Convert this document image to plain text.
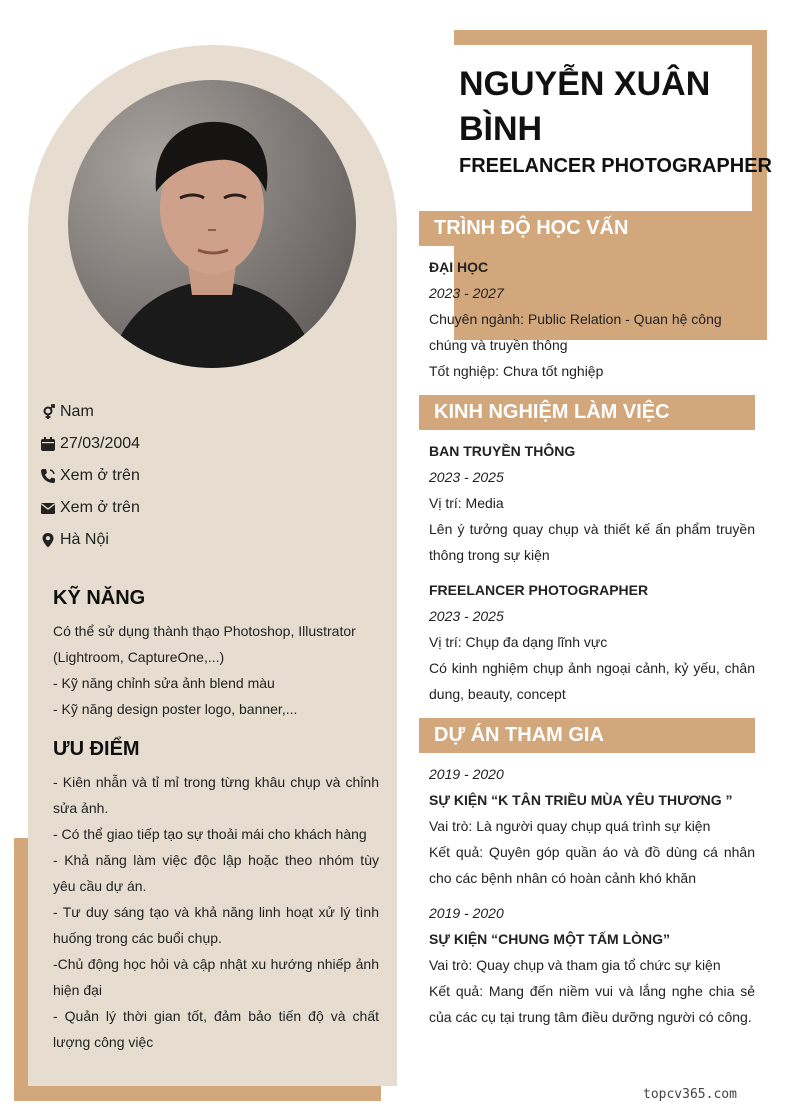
Nam
27/03/2004
Xem ở trên
Xem ở trên
Hà Nội
KỸ NĂNG
Có thể sử dụng thành thạo Photoshop, Illustrator (Lightroom, CaptureOne,...)
- Kỹ năng chỉnh sửa ảnh blend màu
- Kỹ năng design poster logo, banner,...
ƯU ĐIỂM
- Kiên nhẫn và tỉ mỉ trong từng khâu chụp và chỉnh sửa ảnh.
- Có thể giao tiếp tạo sự thoải mái cho khách hàng
- Khả năng làm việc độc lập hoặc theo nhóm tùy yêu cầu dự án.
- Tư duy sáng tạo và khả năng linh hoạt xử lý tình huống trong các buổi chụp.
-Chủ động học hỏi và cập nhật xu hướng nhiếp ảnh hiện đại
- Quản lý thời gian tốt, đảm bảo tiến độ và chất lượng công việc
NGUYỄN XUÂN
BÌNH
FREELANCER PHOTOGRAPHER
TRÌNH ĐỘ HỌC VẤN
ĐẠI HỌC
2023 - 2027
Chuyên ngành: Public Relation - Quan hệ công chúng và truyền thông
Tốt nghiệp: Chưa tốt nghiệp
KINH NGHIỆM LÀM VIỆC
BAN TRUYỀN THÔNG
2023 - 2025
Vị trí: Media
Lên ý tưởng quay chụp và thiết kế ấn phẩm truyền thông trong sự kiện
FREELANCER PHOTOGRAPHER
2023 - 2025
Vị trí: Chụp đa dạng lĩnh vực
Có kinh nghiệm chụp ảnh ngoại cảnh, kỷ yếu, chân dung, beauty, concept
DỰ ÁN THAM GIA
2019 - 2020
SỰ KIỆN “K TÂN TRIỀU MÙA YÊU THƯƠNG ”
Vai trò: Là người quay chụp quá trình sự kiện
Kết quả: Quyên góp quần áo và đồ dùng cá nhân cho các bệnh nhân có hoàn cảnh khó khăn
2019 - 2020
SỰ KIỆN “CHUNG MỘT TẤM LÒNG”
Vai trò: Quay chụp và tham gia tổ chức sự kiện
Kết quả: Mang đến niềm vui và lắng nghe chia sẻ của các cụ tại trung tâm điều dưỡng người có công.
topcv365.com
